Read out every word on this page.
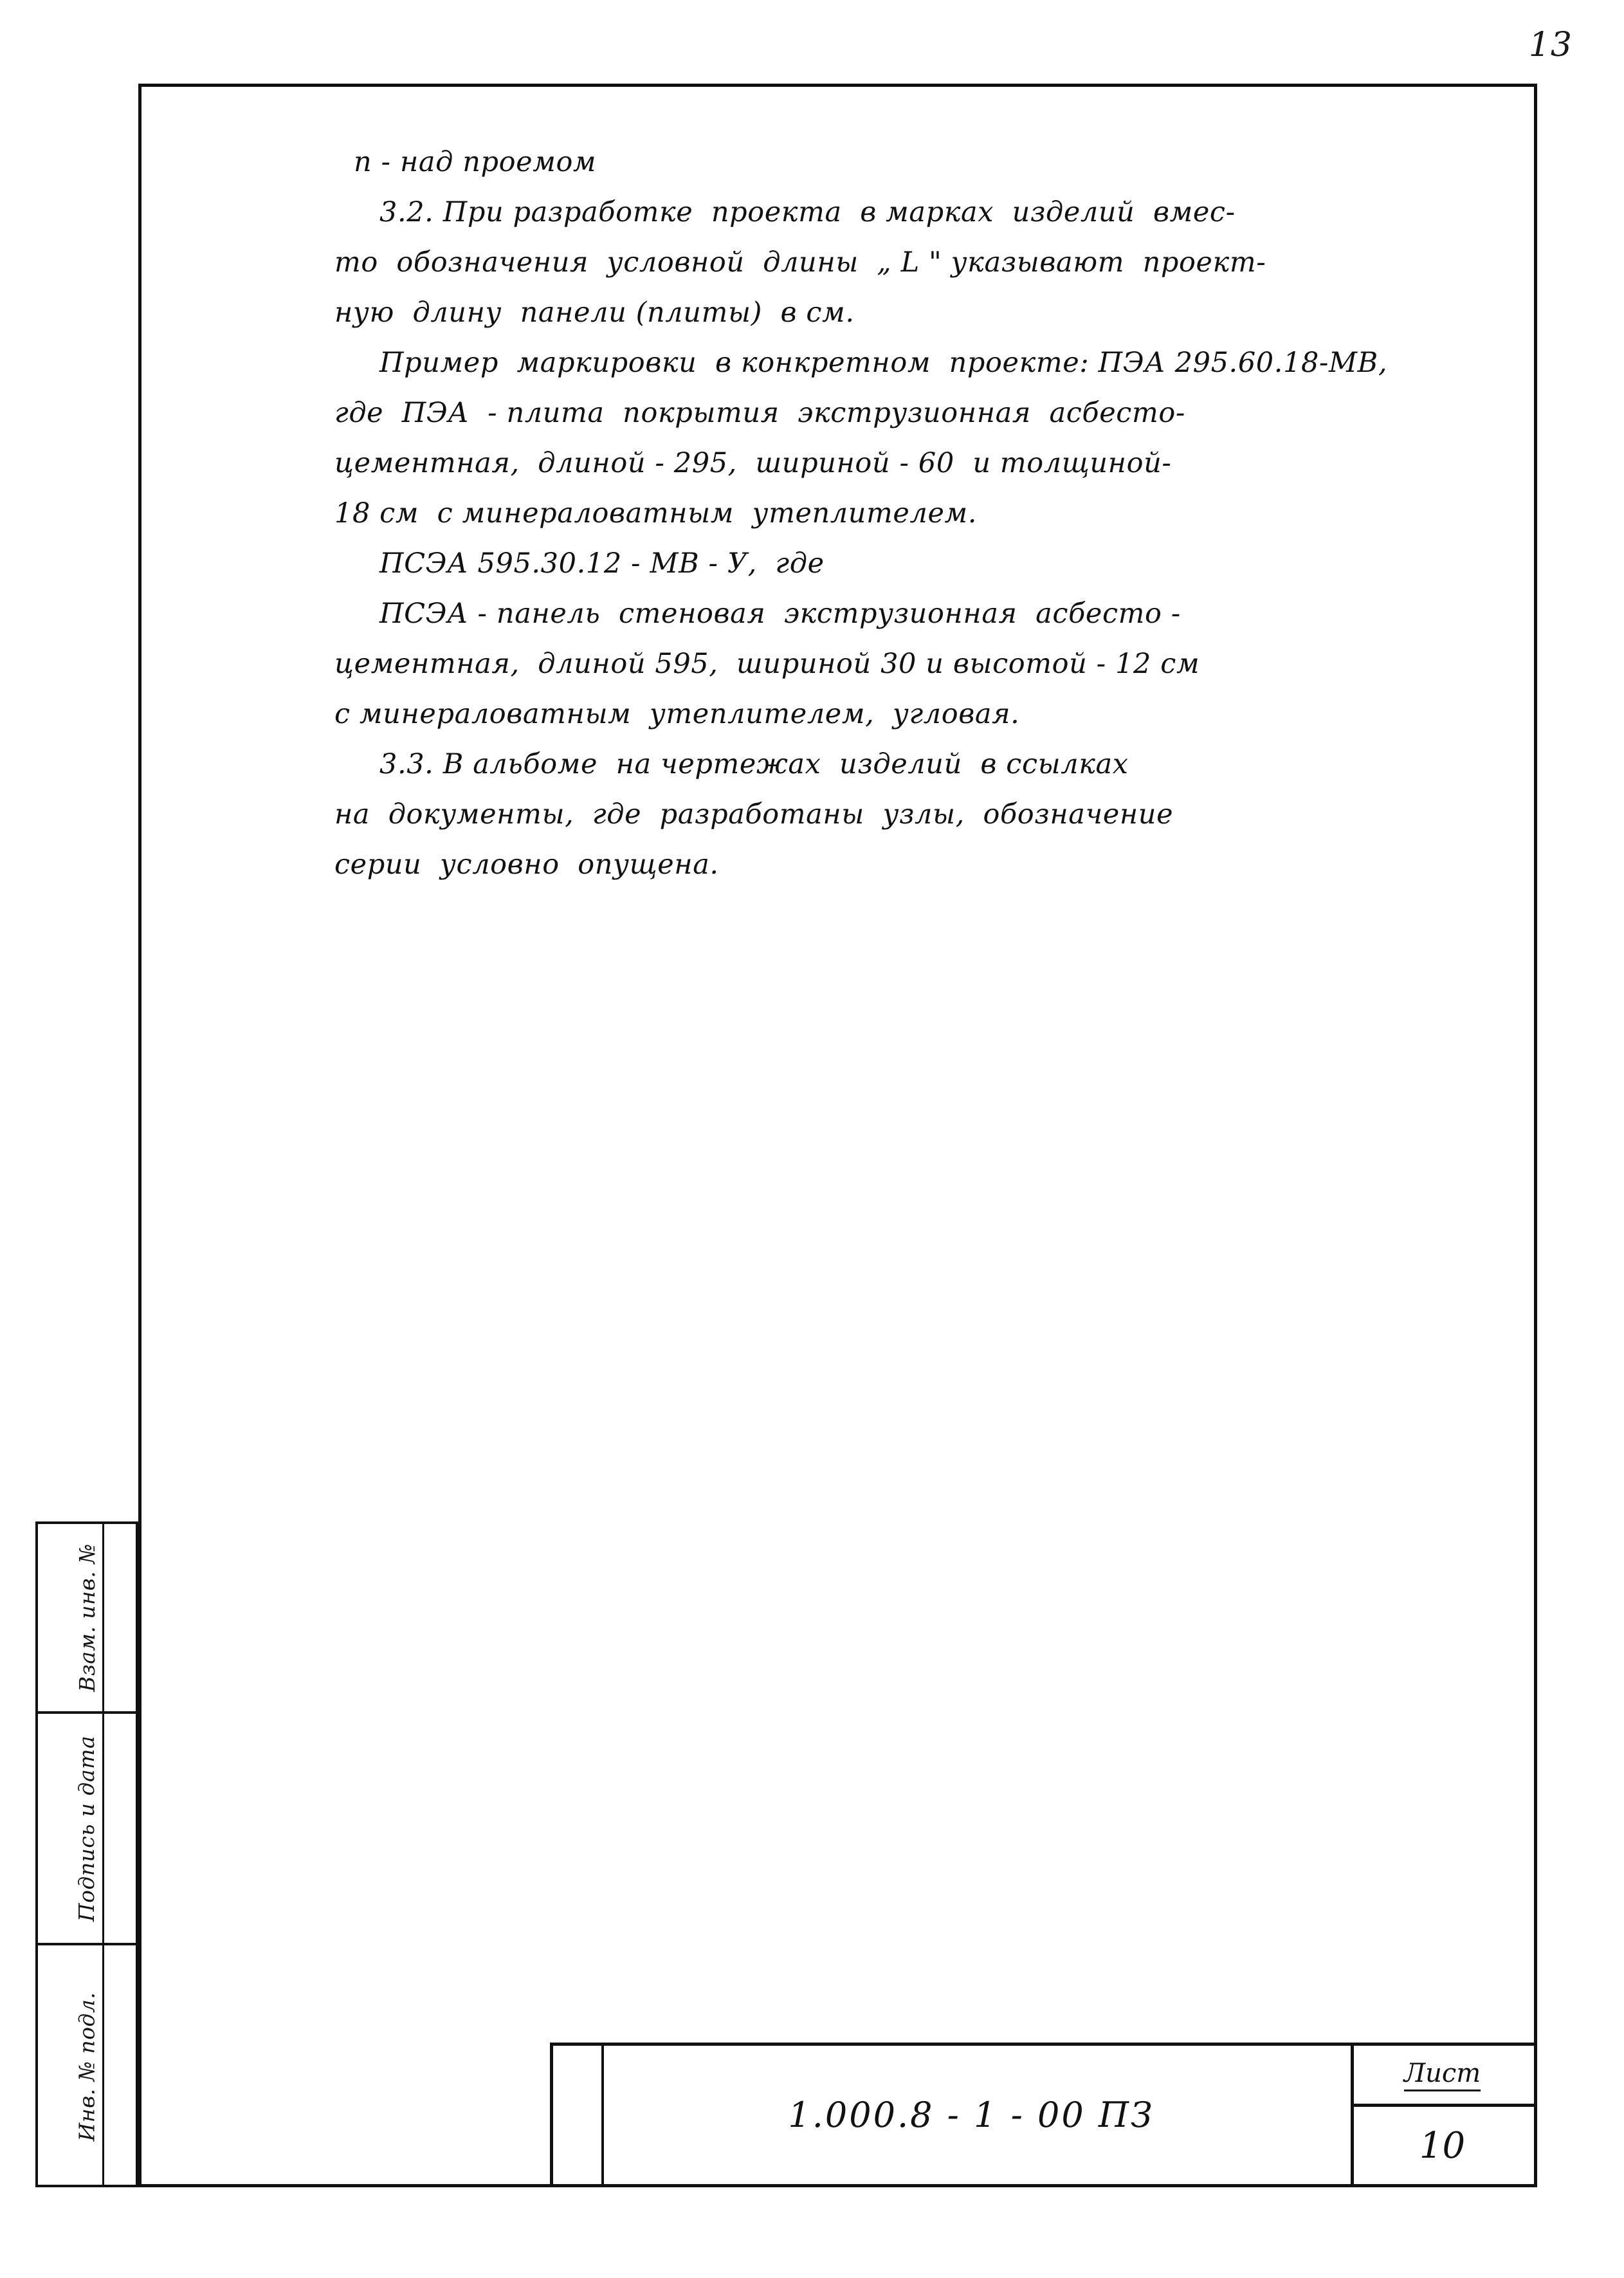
13

п - над проемом

3.2. При разработке  проекта  в марках  изделий  вмес-

то  обозначения  условной  длины  „ L " указывают  проект-

ную  длину  панели (плиты)  в см.

Пример  маркировки  в конкретном  проекте: ПЭА 295.60.18-МВ,

где  ПЭА  - плита  покрытия  экструзионная  асбесто-

цементная,  длиной - 295,  шириной - 60  и толщиной-

18 см  с минераловатным  утеплителем.

ПСЭА 595.30.12 - МВ - У,  где

ПСЭА - панель  стеновая  экструзионная  асбесто -

цементная,  длиной 595,  шириной 30 и высотой - 12 см

с минераловатным  утеплителем,  угловая.

3.3. В альбоме  на чертежах  изделий  в ссылках

на  документы,  где  разработаны  узлы,  обозначение

серии  условно  опущена.

Взам. инв. №
Подпись и дата
Инв. № подл.	1.000.8 - 1 - 00 ПЗ
Лист
10
